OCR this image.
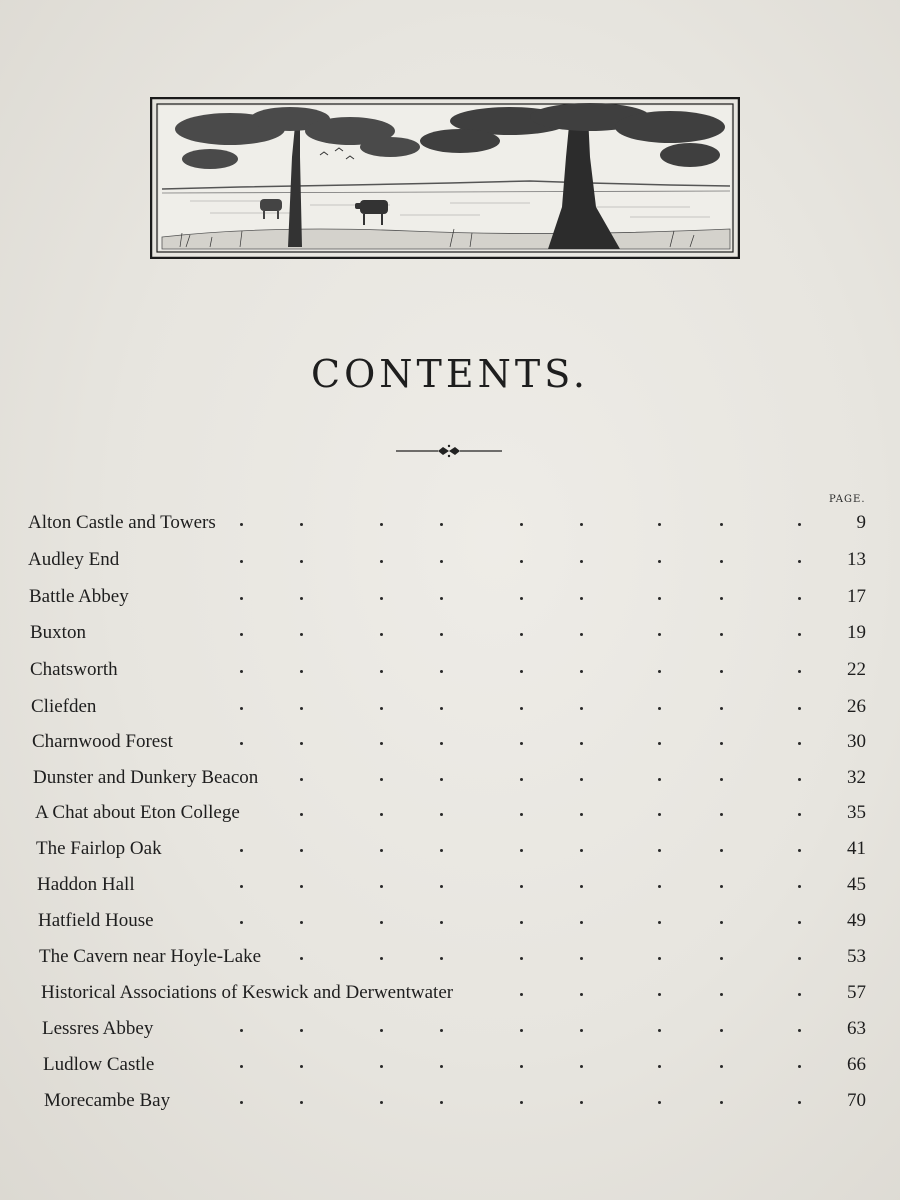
CONTENTS.
PAGE.
Alton Castle and Towers	9
Audley End	13
Battle Abbey	17
Buxton	19
Chatsworth	22
Cliefden	26
Charnwood Forest	30
Dunster and Dunkery Beacon	32
A Chat about Eton College	35
The Fairlop Oak	41
Haddon Hall	45
Hatfield House	49
The Cavern near Hoyle-Lake	53
Historical Associations of Keswick and Derwentwater	57
Lessres Abbey	63
Ludlow Castle	66
Morecambe Bay	70
